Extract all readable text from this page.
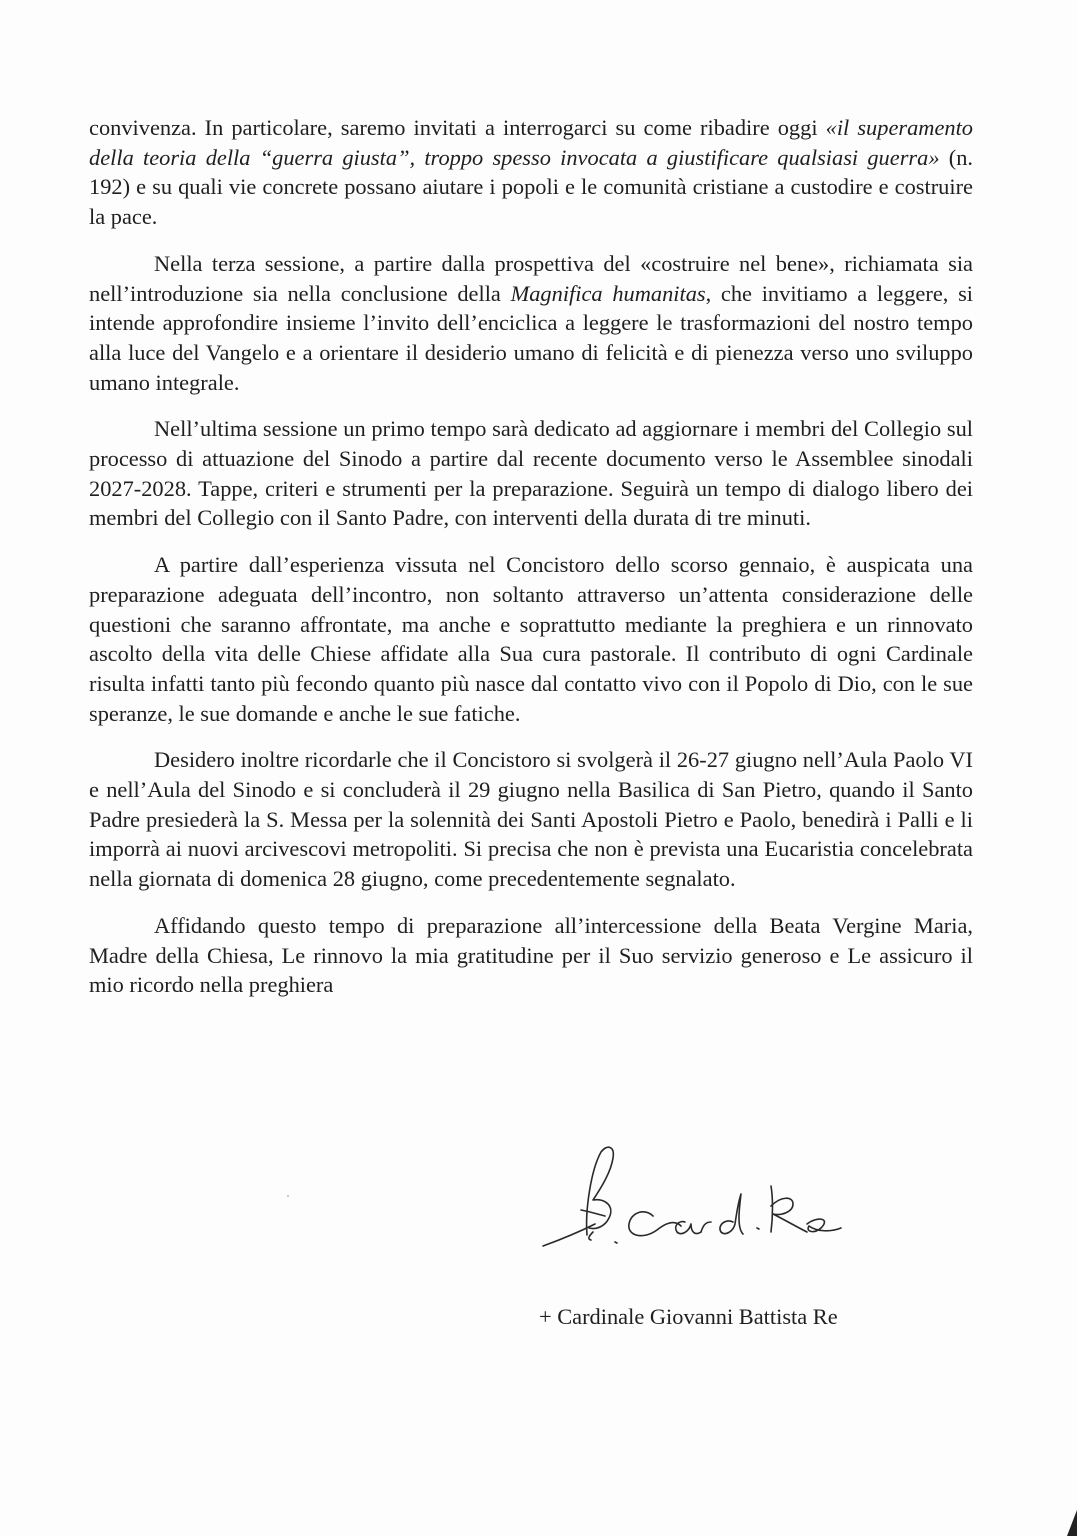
convivenza. In particolare, saremo invitati a interrogarci su come ribadire oggi «il superamento della teoria della “guerra giusta”, troppo spesso invocata a giustificare qualsiasi guerra» (n. 192) e su quali vie concrete possano aiutare i popoli e le comunità cristiane a custodire e costruire la pace.

Nella terza sessione, a partire dalla prospettiva del «costruire nel bene», richiamata sia nell’introduzione sia nella conclusione della Magnifica humanitas, che invitiamo a leggere, si intende approfondire insieme l’invito dell’enciclica a leggere le trasformazioni del nostro tempo alla luce del Vangelo e a orientare il desiderio umano di felicità e di pienezza verso uno sviluppo umano integrale.

Nell’ultima sessione un primo tempo sarà dedicato ad aggiornare i membri del Collegio sul processo di attuazione del Sinodo a partire dal recente documento verso le Assemblee sinodali 2027-2028. Tappe, criteri e strumenti per la preparazione. Seguirà un tempo di dialogo libero dei membri del Collegio con il Santo Padre, con interventi della durata di tre minuti.

A partire dall’esperienza vissuta nel Concistoro dello scorso gennaio, è auspicata una preparazione adeguata dell’incontro, non soltanto attraverso un’attenta considerazione delle questioni che saranno affrontate, ma anche e soprattutto mediante la preghiera e un rinnovato ascolto della vita delle Chiese affidate alla Sua cura pastorale. Il contributo di ogni Cardinale risulta infatti tanto più fecondo quanto più nasce dal contatto vivo con il Popolo di Dio, con le sue speranze, le sue domande e anche le sue fatiche.

Desidero inoltre ricordarle che il Concistoro si svolgerà il 26-27 giugno nell’Aula Paolo VI e nell’Aula del Sinodo e si concluderà il 29 giugno nella Basilica di San Pietro, quando il Santo Padre presiederà la S. Messa per la solennità dei Santi Apostoli Pietro e Paolo, benedirà i Palli e li imporrà ai nuovi arcivescovi metropoliti. Si precisa che non è prevista una Eucaristia concelebrata nella giornata di domenica 28 giugno, come precedentemente segnalato.

Affidando questo tempo di preparazione all’intercessione della Beata Vergine Maria, Madre della Chiesa, Le rinnovo la mia gratitudine per il Suo servizio generoso e Le assicuro il mio ricordo nella preghiera

+ Cardinale Giovanni Battista Re
